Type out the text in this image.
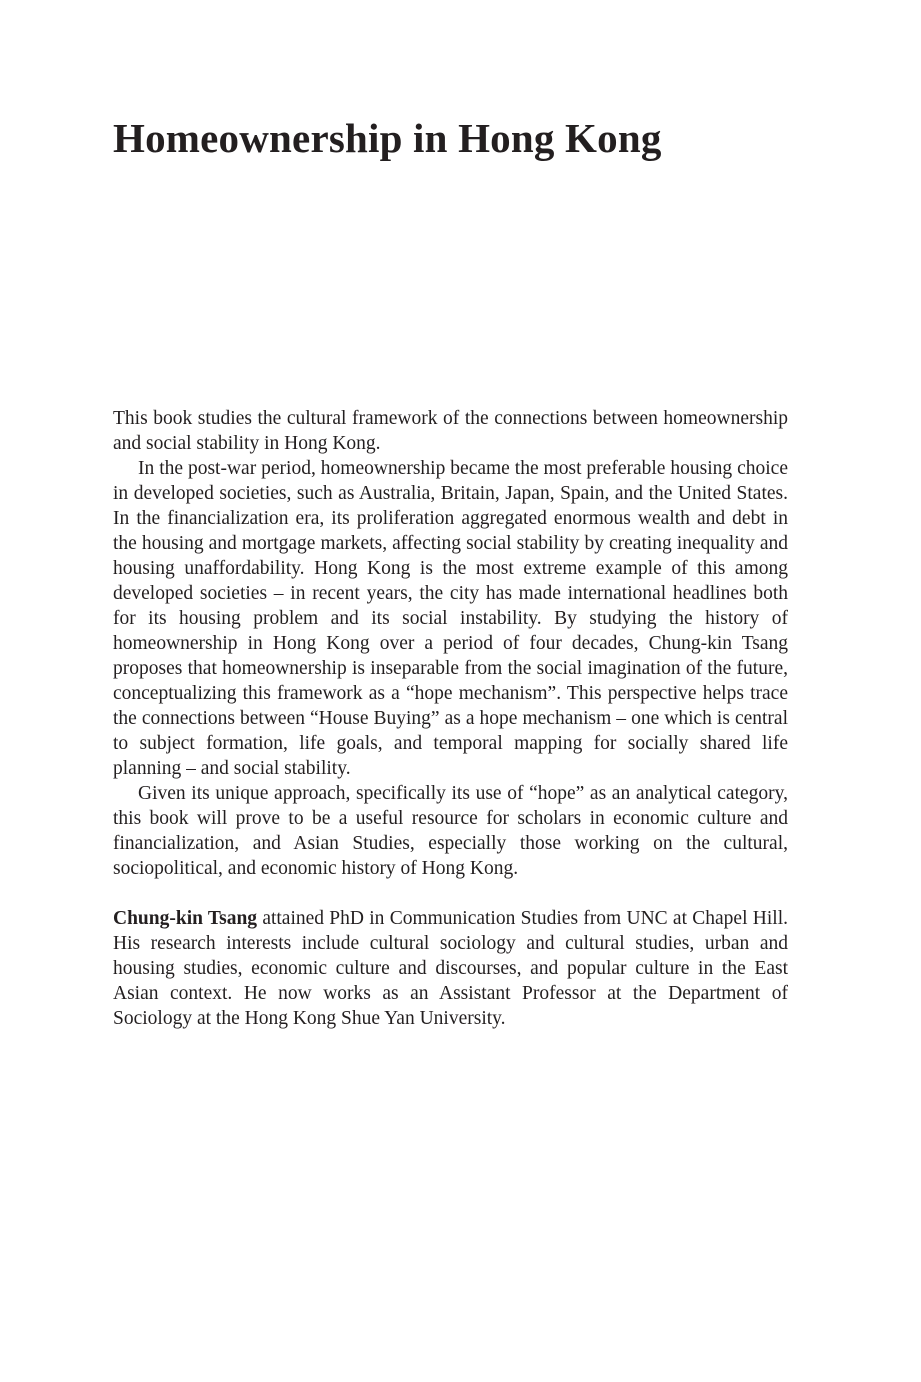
Homeownership in Hong Kong

This book studies the cultural framework of the connections between homeownership and social stability in Hong Kong.

In the post-war period, homeownership became the most preferable housing choice in developed societies, such as Australia, Britain, Japan, Spain, and the United States. In the financialization era, its proliferation aggregated enormous wealth and debt in the housing and mortgage markets, affecting social stability by creating inequality and housing unaffordability. Hong Kong is the most extreme example of this among developed societies – in recent years, the city has made international headlines both for its housing problem and its social instability. By studying the history of homeownership in Hong Kong over a period of four decades, Chung-kin Tsang proposes that homeownership is inseparable from the social imagination of the future, conceptualizing this framework as a “hope mechanism”. This perspective helps trace the connections between “House Buying” as a hope mechanism – one which is central to subject formation, life goals, and temporal mapping for socially shared life planning – and social stability.

Given its unique approach, specifically its use of “hope” as an analytical category, this book will prove to be a useful resource for scholars in economic culture and financialization, and Asian Studies, especially those working on the cultural, sociopolitical, and economic history of Hong Kong.

Chung-kin Tsang attained PhD in Communication Studies from UNC at Chapel Hill. His research interests include cultural sociology and cultural studies, urban and housing studies, economic culture and discourses, and popular culture in the East Asian context. He now works as an Assistant Professor at the Department of Sociology at the Hong Kong Shue Yan University.
